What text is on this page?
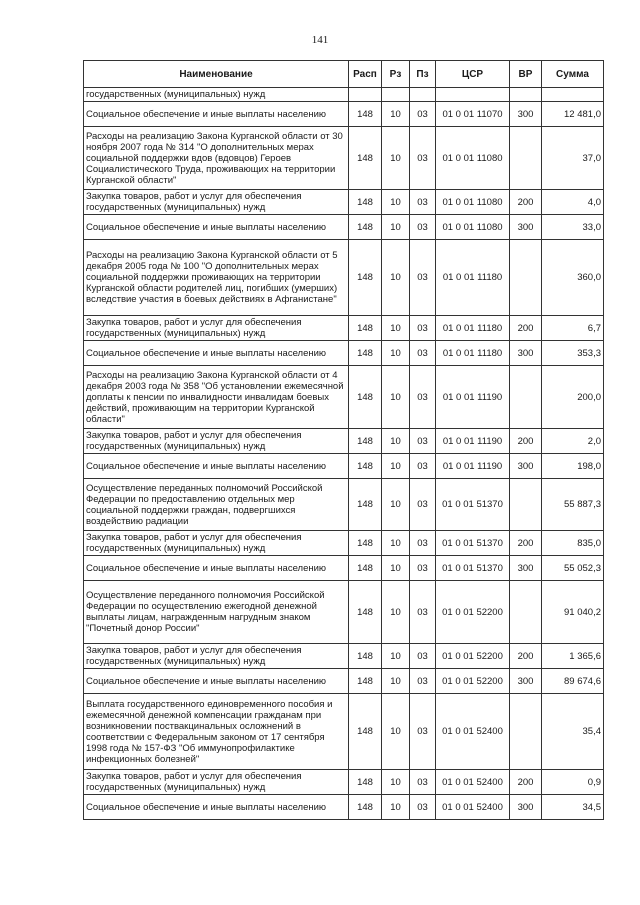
141
Наименование	Расп	Рз	Пз	ЦСР	ВР	Сумма
государственных (муниципальных) нужд						
Социальное обеспечение и иные выплаты населению	148	10	03	01 0 01 11070	300	12 481,0
Расходы на реализацию Закона Курганской области от 30 ноября 2007 года № 314 "О дополнительных мерах социальной поддержки вдов (вдовцов) Героев Социалистического Труда, проживающих на территории Курганской области"	148	10	03	01 0 01 11080		37,0
Закупка товаров, работ и услуг для обеспечения государственных (муниципальных) нужд	148	10	03	01 0 01 11080	200	4,0
Социальное обеспечение и иные выплаты населению	148	10	03	01 0 01 11080	300	33,0
Расходы на реализацию Закона Курганской области от 5 декабря 2005 года № 100 "О дополнительных мерах социальной поддержки проживающих на территории Курганской области родителей лиц, погибших (умерших) вследствие участия в боевых действиях в Афганистане"	148	10	03	01 0 01 11180		360,0
Закупка товаров, работ и услуг для обеспечения государственных (муниципальных) нужд	148	10	03	01 0 01 11180	200	6,7
Социальное обеспечение и иные выплаты населению	148	10	03	01 0 01 11180	300	353,3
Расходы на реализацию Закона Курганской области от 4 декабря 2003 года № 358 "Об установлении ежемесячной доплаты к пенсии по инвалидности инвалидам боевых действий, проживающим на территории Курганской области"	148	10	03	01 0 01 11190		200,0
Закупка товаров, работ и услуг для обеспечения государственных (муниципальных) нужд	148	10	03	01 0 01 11190	200	2,0
Социальное обеспечение и иные выплаты населению	148	10	03	01 0 01 11190	300	198,0
Осуществление переданных полномочий Российской Федерации по предоставлению отдельных мер социальной поддержки граждан, подвергшихся воздействию радиации	148	10	03	01 0 01 51370		55 887,3
Закупка товаров, работ и услуг для обеспечения государственных (муниципальных) нужд	148	10	03	01 0 01 51370	200	835,0
Социальное обеспечение и иные выплаты населению	148	10	03	01 0 01 51370	300	55 052,3
Осуществление переданного полномочия Российской Федерации по осуществлению ежегодной денежной выплаты лицам, награжденным нагрудным знаком "Почетный донор России"	148	10	03	01 0 01 52200		91 040,2
Закупка товаров, работ и услуг для обеспечения государственных (муниципальных) нужд	148	10	03	01 0 01 52200	200	1 365,6
Социальное обеспечение и иные выплаты населению	148	10	03	01 0 01 52200	300	89 674,6
Выплата государственного единовременного пособия и ежемесячной денежной компенсации гражданам при возникновении поствакцинальных осложнений в соответствии с Федеральным законом от 17 сентября 1998 года № 157-ФЗ "Об иммунопрофилактике инфекционных болезней"	148	10	03	01 0 01 52400		35,4
Закупка товаров, работ и услуг для обеспечения государственных (муниципальных) нужд	148	10	03	01 0 01 52400	200	0,9
Социальное обеспечение и иные выплаты населению	148	10	03	01 0 01 52400	300	34,5
